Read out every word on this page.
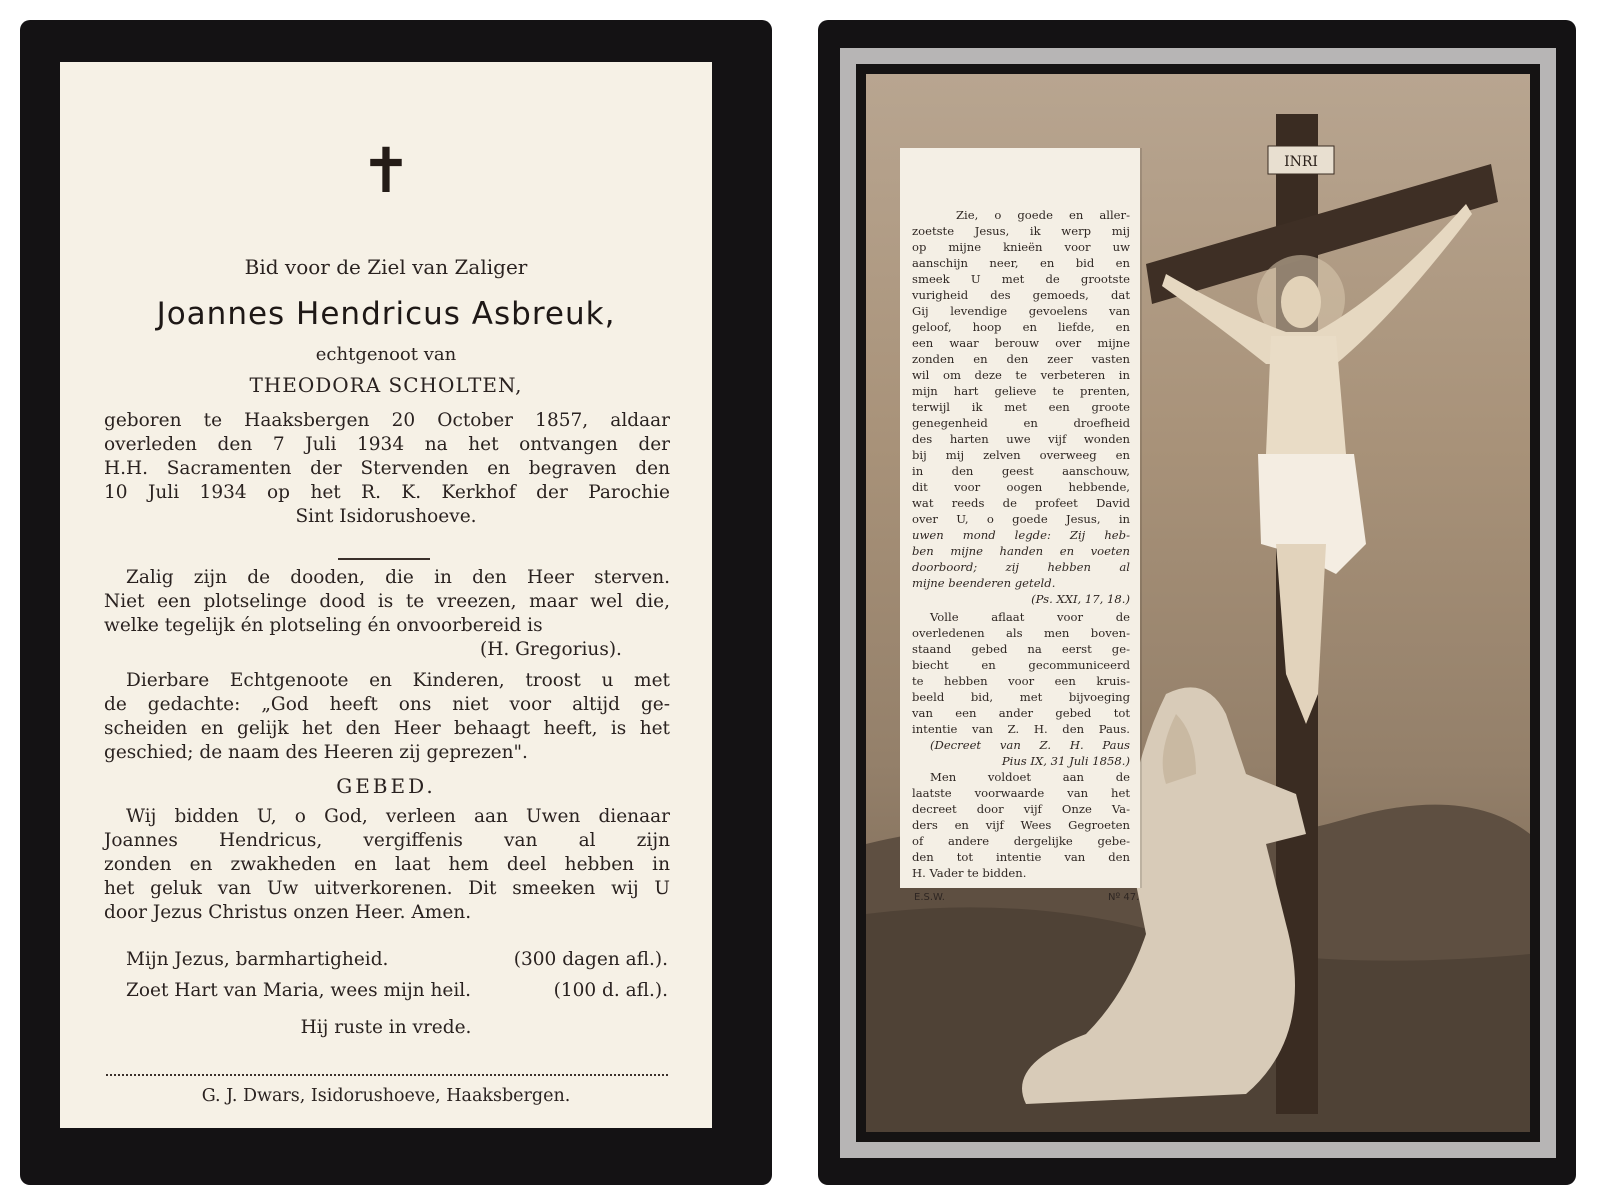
✝
Bid voor de Ziel van Zaliger
Joannes Hendricus Asbreuk,
echtgenoot van
THEODORA SCHOLTEN,
geboren te Haaksbergen 20 October 1857, aldaar
overleden den 7 Juli 1934 na het ontvangen der
H.H. Sacramenten der Stervenden en begraven den
10 Juli 1934 op het R. K. Kerkhof der Parochie
Sint Isidorushoeve.
Zalig zijn de dooden, die in den Heer sterven.
Niet een plotselinge dood is te vreezen, maar wel die,
welke tegelijk én plotseling én onvoorbereid is
(H. Gregorius).
Dierbare Echtgenoote en Kinderen, troost u met
de gedachte: „God heeft ons niet voor altijd ge-
scheiden en gelijk het den Heer behaagt heeft, is het
geschied; de naam des Heeren zij geprezen".
GEBED.
Wij bidden U, o God, verleen aan Uwen dienaar
Joannes Hendricus, vergiffenis van al zijn
zonden en zwakheden en laat hem deel hebben in
het geluk van Uw uitverkorenen. Dit smeeken wij U
door Jezus Christus onzen Heer. Amen.
Mijn Jezus, barmhartigheid.	(300 dagen afl.).
Zoet Hart van Maria, wees mijn heil.	(100 d. afl.).
Hij ruste in vrede.
G. J. Dwars, Isidorushoeve, Haaksbergen.
INRI
Zie, o goede en aller-
zoetste Jesus, ik werp mij
op mijne knieën voor uw
aanschijn neer, en bid en
smeek U met de grootste
vurigheid des gemoeds, dat
Gij levendige gevoelens van
geloof, hoop en liefde, en
een waar berouw over mijne
zonden en den zeer vasten
wil om deze te verbeteren in
mijn hart gelieve te prenten,
terwijl ik met een groote
genegenheid en droefheid
des harten uwe vijf wonden
bij mij zelven overweeg en
in den geest aanschouw,
dit voor oogen hebbende,
wat reeds de profeet David
over U, o goede Jesus, in
uwen mond legde: Zij heb-
ben mijne handen en voeten
doorboord; zij hebben al
mijne beenderen geteld.
(Ps. XXI, 17, 18.)
Volle aflaat voor de
overledenen als men boven-
staand gebed na eerst ge-
biecht en gecommuniceerd
te hebben voor een kruis-
beeld bid, met bijvoeging
van een ander gebed tot
intentie van Z. H. den Paus.
(Decreet van Z. H. Paus
Pius IX, 31 Juli 1858.)
Men voldoet aan de
laatste voorwaarde van het
decreet door vijf Onze Va-
ders en vijf Wees Gegroeten
of andere dergelijke gebe-
den tot intentie van den
H. Vader te bidden.
E.S.W.	Nº 47.
